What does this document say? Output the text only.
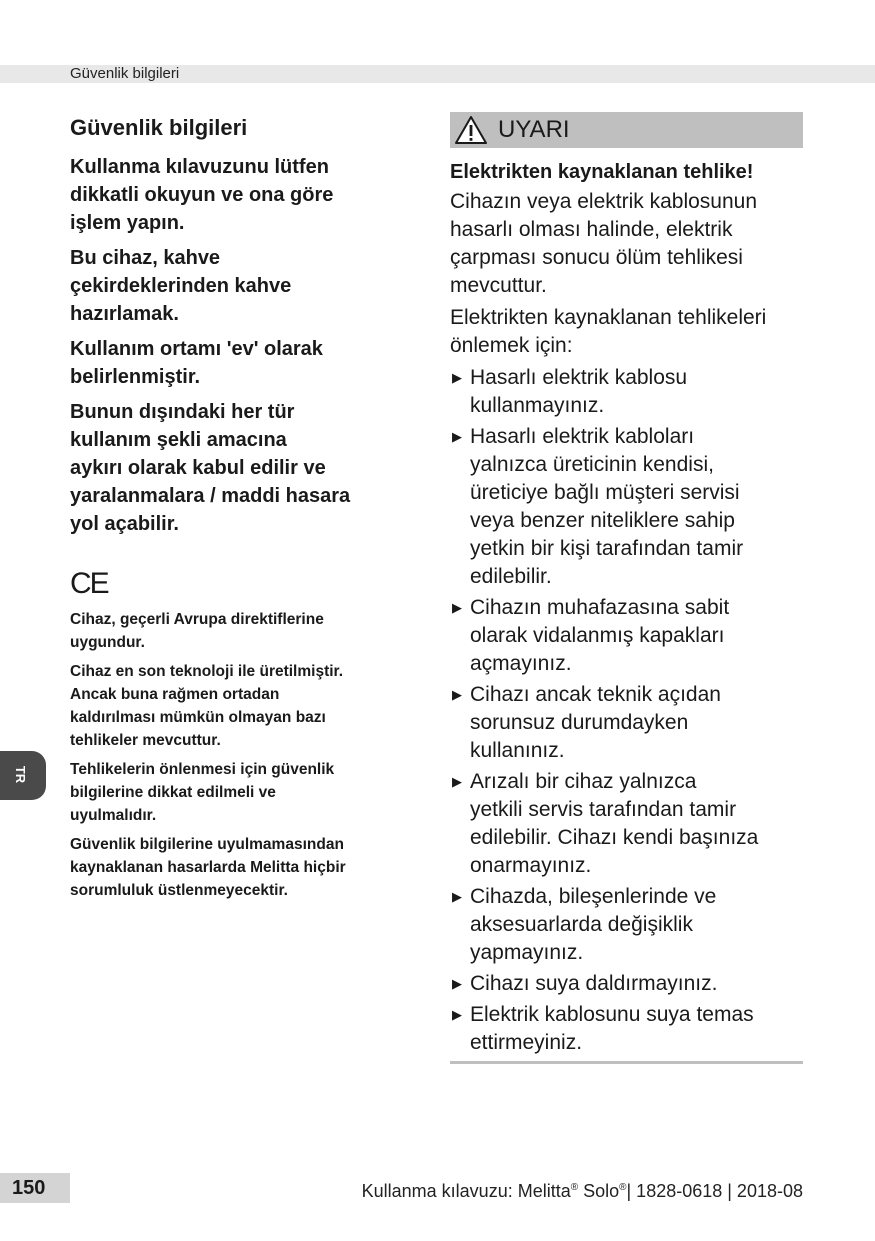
Güvenlik bilgileri
Güvenlik bilgileri
Kullanma kılavuzunu lütfen
dikkatli okuyun ve ona göre
işlem yapın.
Bu cihaz, kahve
çekirdeklerinden kahve
hazırlamak.
Kullanım ortamı 'ev' olarak
belirlenmiştir.
Bunun dışındaki her tür
kullanım şekli amacına
aykırı olarak kabul edilir ve
yaralanmalara / maddi hasara
yol açabilir.
CE
Cihaz, geçerli Avrupa direktiflerine
uygundur.
Cihaz en son teknoloji ile üretilmiştir.
Ancak buna rağmen ortadan
kaldırılması mümkün olmayan bazı
tehlikeler mevcuttur.
Tehlikelerin önlenmesi için güvenlik
bilgilerine dikkat edilmeli ve
uyulmalıdır.
Güvenlik bilgilerine uyulmamasından
kaynaklanan hasarlarda Melitta hiçbir
sorumluluk üstlenmeyecektir.
UYARI
Elektrikten kaynaklanan tehlike!
Cihazın veya elektrik kablosunun
hasarlı olması halinde, elektrik
çarpması sonucu ölüm tehlikesi
mevcuttur.
Elektrikten kaynaklanan tehlikeleri
önlemek için:
▶ Hasarlı elektrik kablosu
kullanmayınız.
▶ Hasarlı elektrik kabloları
yalnızca üreticinin kendisi,
üreticiye bağlı müşteri servisi
veya benzer niteliklere sahip
yetkin bir kişi tarafından tamir
edilebilir.
▶ Cihazın muhafazasına sabit
olarak vidalanmış kapakları
açmayınız.
▶ Cihazı ancak teknik açıdan
sorunsuz durumdayken
kullanınız.
▶ Arızalı bir cihaz yalnızca
yetkili servis tarafından tamir
edilebilir. Cihazı kendi başınıza
onarmayınız.
▶ Cihazda, bileşenlerinde ve
aksesuarlarda değişiklik
yapmayınız.
▶ Cihazı suya daldırmayınız.
▶ Elektrik kablosunu suya temas
ettirmeyiniz.
TR
150	Kullanma kılavuzu: Melitta® Solo®| 1828-0618 | 2018-08
